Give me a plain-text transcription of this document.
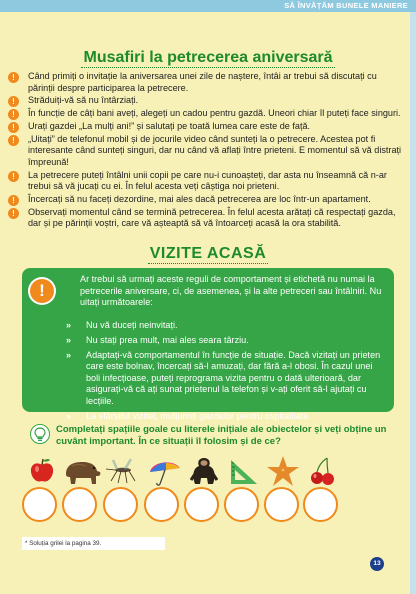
SĂ ÎNVĂȚĂM BUNELE MANIERE
Musafiri la petrecerea aniversară
!	Când primiți o invitație la aniversarea unei zile de naștere, întâi ar trebui să discutați cu părinții despre participarea la petrecere.
!	Străduiți-vă să nu întârziați.
!	În funcție de câți bani aveți, alegeți un cadou pentru gazdă. Uneori chiar îl puteți face singuri.
!	Urați gazdei „La mulți ani!” și salutați pe toată lumea care este de față.
!	„Uitați” de telefonul mobil și de jocurile video când sunteți la o petrecere. Acestea pot fi interesante când sunteți singuri, dar nu când vă aflați între prieteni. E momentul să vă distrați împreună!
!	La petrecere puteți întâlni unii copii pe care nu-i cunoașteți, dar asta nu înseamnă că n-ar trebui să vă jucați cu ei. În felul acesta veți câștiga noi prieteni.
!	Încercați să nu faceți dezordine, mai ales dacă petrecerea are loc într-un apartament.
!	Observați momentul când se termină petrecerea. În felul acesta arătați că respectați gazda, dar și pe părinții voștri, care vă așteaptă să vă întoarceți acasă la ora stabilită.
VIZITE ACASĂ
!
Ar trebui să urmați aceste reguli de comportament și etichetă nu numai la petrecerile aniversare, ci, de asemenea, și la alte petreceri sau întâlniri. Nu uitați următoarele:
» Nu vă duceți neinvitați.
» Nu stați prea mult, mai ales seara târziu.
» Adaptați-vă comportamentul în funcție de situație. Dacă vizitați un prieten care este bolnav, încercați să-l amuzați, dar fără a-l obosi. În cazul unei boli infecțioase, puteți reprograma vizita pentru o dată ulterioară, dar asigurați-vă că ați sunat prietenul la telefon și v-ați oferit să-l ajutați cu lecțiile.
» La sfârșitul vizitei, mulțumiți gazdelor pentru ospitalitate.
Completați spațiile goale cu literele inițiale ale obiectelor și veți obține un cuvânt important. În ce situații îl folosim și de ce?
* Soluția grilei la pagina 39.
13
